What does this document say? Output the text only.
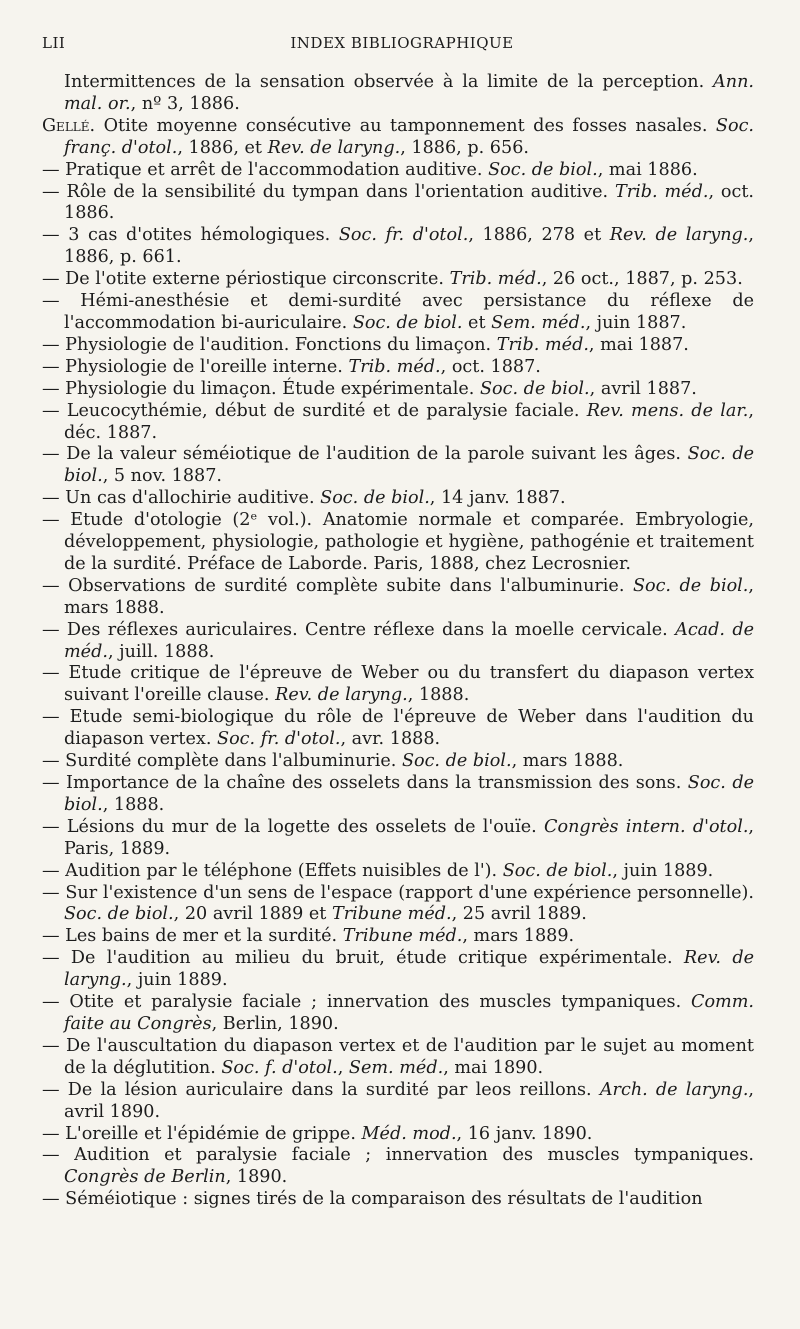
LII	INDEX BIBLIOGRAPHIQUE

Intermittences de la sensation observée à la limite de la perception. Ann. mal. or., nº 3, 1886.

Gellé. Otite moyenne consécutive au tamponnement des fosses nasales. Soc. franç. d'otol., 1886, et Rev. de laryng., 1886, p. 656.

— Pratique et arrêt de l'accommodation auditive. Soc. de biol., mai 1886.

— Rôle de la sensibilité du tympan dans l'orientation auditive. Trib. méd., oct. 1886.

— 3 cas d'otites hémologiques. Soc. fr. d'otol., 1886, 278 et Rev. de laryng., 1886, p. 661.

— De l'otite externe périostique circonscrite. Trib. méd., 26 oct., 1887, p. 253.

— Hémi-anesthésie et demi-surdité avec persistance du réflexe de l'accommodation bi-auriculaire. Soc. de biol. et Sem. méd., juin 1887.

— Physiologie de l'audition. Fonctions du limaçon. Trib. méd., mai 1887.

— Physiologie de l'oreille interne. Trib. méd., oct. 1887.

— Physiologie du limaçon. Étude expérimentale. Soc. de biol., avril 1887.

— Leucocythémie, début de surdité et de paralysie faciale. Rev. mens. de lar., déc. 1887.

— De la valeur séméiotique de l'audition de la parole suivant les âges. Soc. de biol., 5 nov. 1887.

— Un cas d'allochirie auditive. Soc. de biol., 14 janv. 1887.

— Etude d'otologie (2ᵉ vol.). Anatomie normale et comparée. Embryologie, développement, physiologie, pathologie et hygiène, pathogénie et traitement de la surdité. Préface de Laborde. Paris, 1888, chez Lecrosnier.

— Observations de surdité complète subite dans l'albuminurie. Soc. de biol., mars 1888.

— Des réflexes auriculaires. Centre réflexe dans la moelle cervicale. Acad. de méd., juill. 1888.

— Etude critique de l'épreuve de Weber ou du transfert du diapason vertex suivant l'oreille clause. Rev. de laryng., 1888.

— Etude semi-biologique du rôle de l'épreuve de Weber dans l'audition du diapason vertex. Soc. fr. d'otol., avr. 1888.

— Surdité complète dans l'albuminurie. Soc. de biol., mars 1888.

— Importance de la chaîne des osselets dans la transmission des sons. Soc. de biol., 1888.

— Lésions du mur de la logette des osselets de l'ouïe. Congrès intern. d'otol., Paris, 1889.

— Audition par le téléphone (Effets nuisibles de l'). Soc. de biol., juin 1889.

— Sur l'existence d'un sens de l'espace (rapport d'une expérience personnelle). Soc. de biol., 20 avril 1889 et Tribune méd., 25 avril 1889.

— Les bains de mer et la surdité. Tribune méd., mars 1889.

— De l'audition au milieu du bruit, étude critique expérimentale. Rev. de laryng., juin 1889.

— Otite et paralysie faciale ; innervation des muscles tympaniques. Comm. faite au Congrès, Berlin, 1890.

— De l'auscultation du diapason vertex et de l'audition par le sujet au moment de la déglutition. Soc. f. d'otol., Sem. méd., mai 1890.

— De la lésion auriculaire dans la surdité par leos reillons. Arch. de laryng., avril 1890.

— L'oreille et l'épidémie de grippe. Méd. mod., 16 janv. 1890.

— Audition et paralysie faciale ; innervation des muscles tympaniques. Congrès de Berlin, 1890.

— Séméiotique : signes tirés de la comparaison des résultats de l'audition
